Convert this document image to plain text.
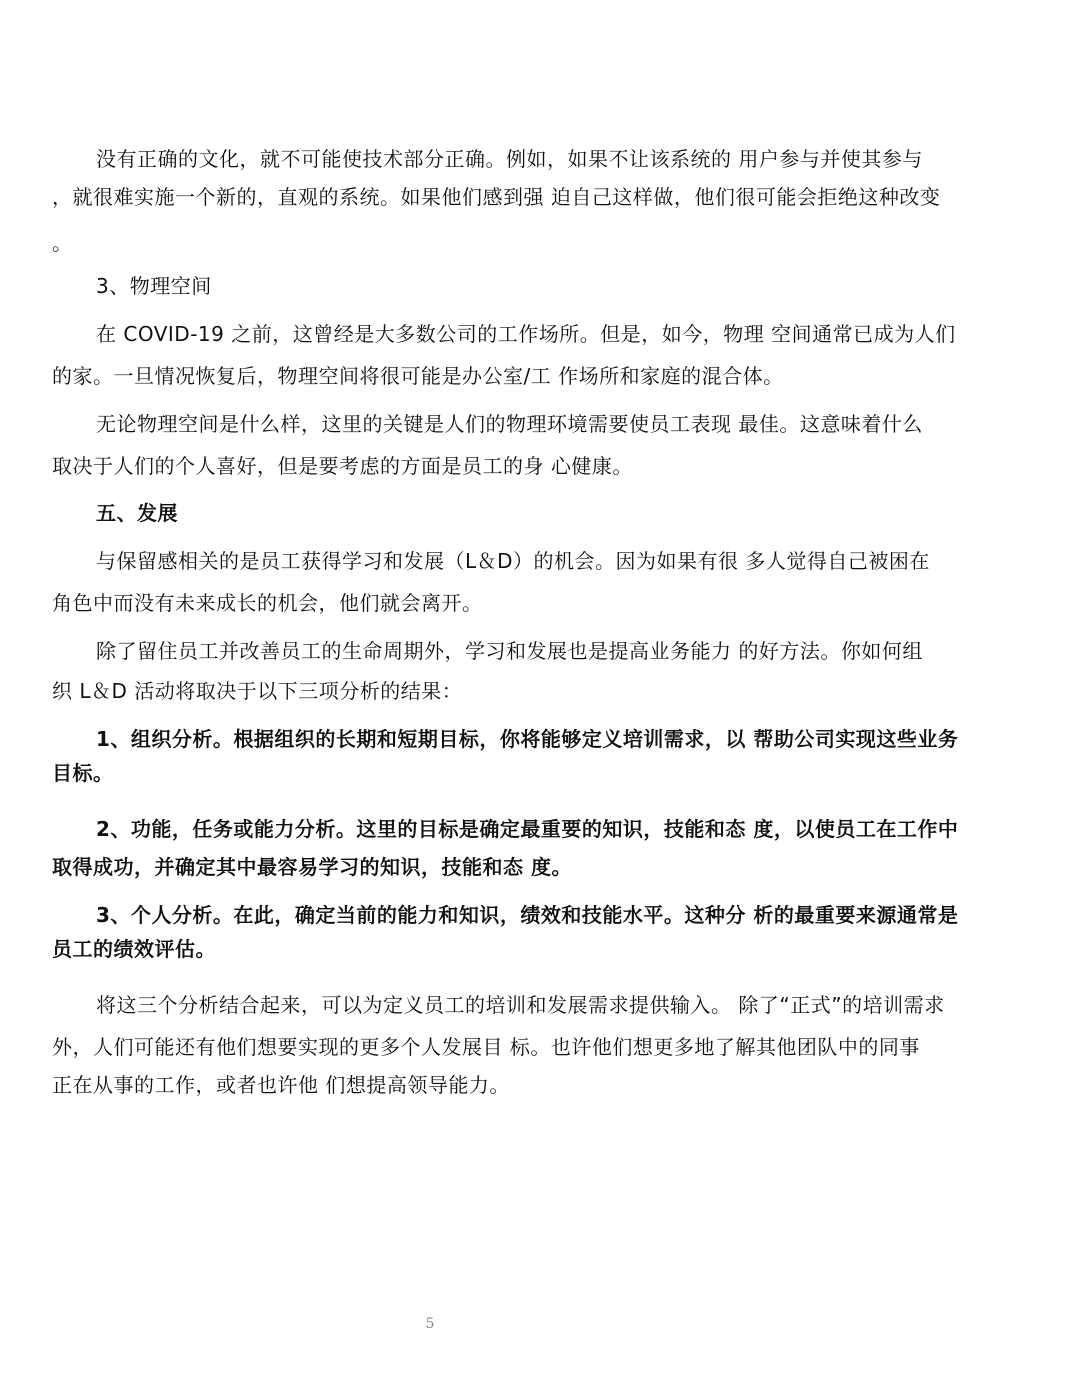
没有正确的文化，就不可能使技术部分正确。例如，如果不让该系统的 用户参与并使其参与
，就很难实施一个新的，直观的系统。如果他们感到强 迫自己这样做，他们很可能会拒绝这种改变
。
3、物理空间
在 COVID-19 之前，这曾经是大多数公司的工作场所。但是，如今，物理 空间通常已成为人们
的家。一旦情况恢复后，物理空间将很可能是办公室/工 作场所和家庭的混合体。
无论物理空间是什么样，这里的关键是人们的物理环境需要使员工表现 最佳。这意味着什么
取决于人们的个人喜好，但是要考虑的方面是员工的身 心健康。
五、发展
与保留感相关的是员工获得学习和发展（L＆D）的机会。因为如果有很 多人觉得自己被困在
角色中而没有未来成长的机会，他们就会离开。
除了留住员工并改善员工的生命周期外，学习和发展也是提高业务能力 的好方法。你如何组
织 L＆D 活动将取决于以下三项分析的结果：
1、组织分析。根据组织的长期和短期目标，你将能够定义培训需求，以 帮助公司实现这些业务
目标。
2、功能，任务或能力分析。这里的目标是确定最重要的知识，技能和态 度，以使员工在工作中
取得成功，并确定其中最容易学习的知识，技能和态 度。
3、个人分析。在此，确定当前的能力和知识，绩效和技能水平。这种分 析的最重要来源通常是
员工的绩效评估。
将这三个分析结合起来，可以为定义员工的培训和发展需求提供输入。 除了“正式”的培训需求
外，人们可能还有他们想要实现的更多个人发展目 标。也许他们想更多地了解其他团队中的同事
正在从事的工作，或者也许他 们想提高领导能力。
5
